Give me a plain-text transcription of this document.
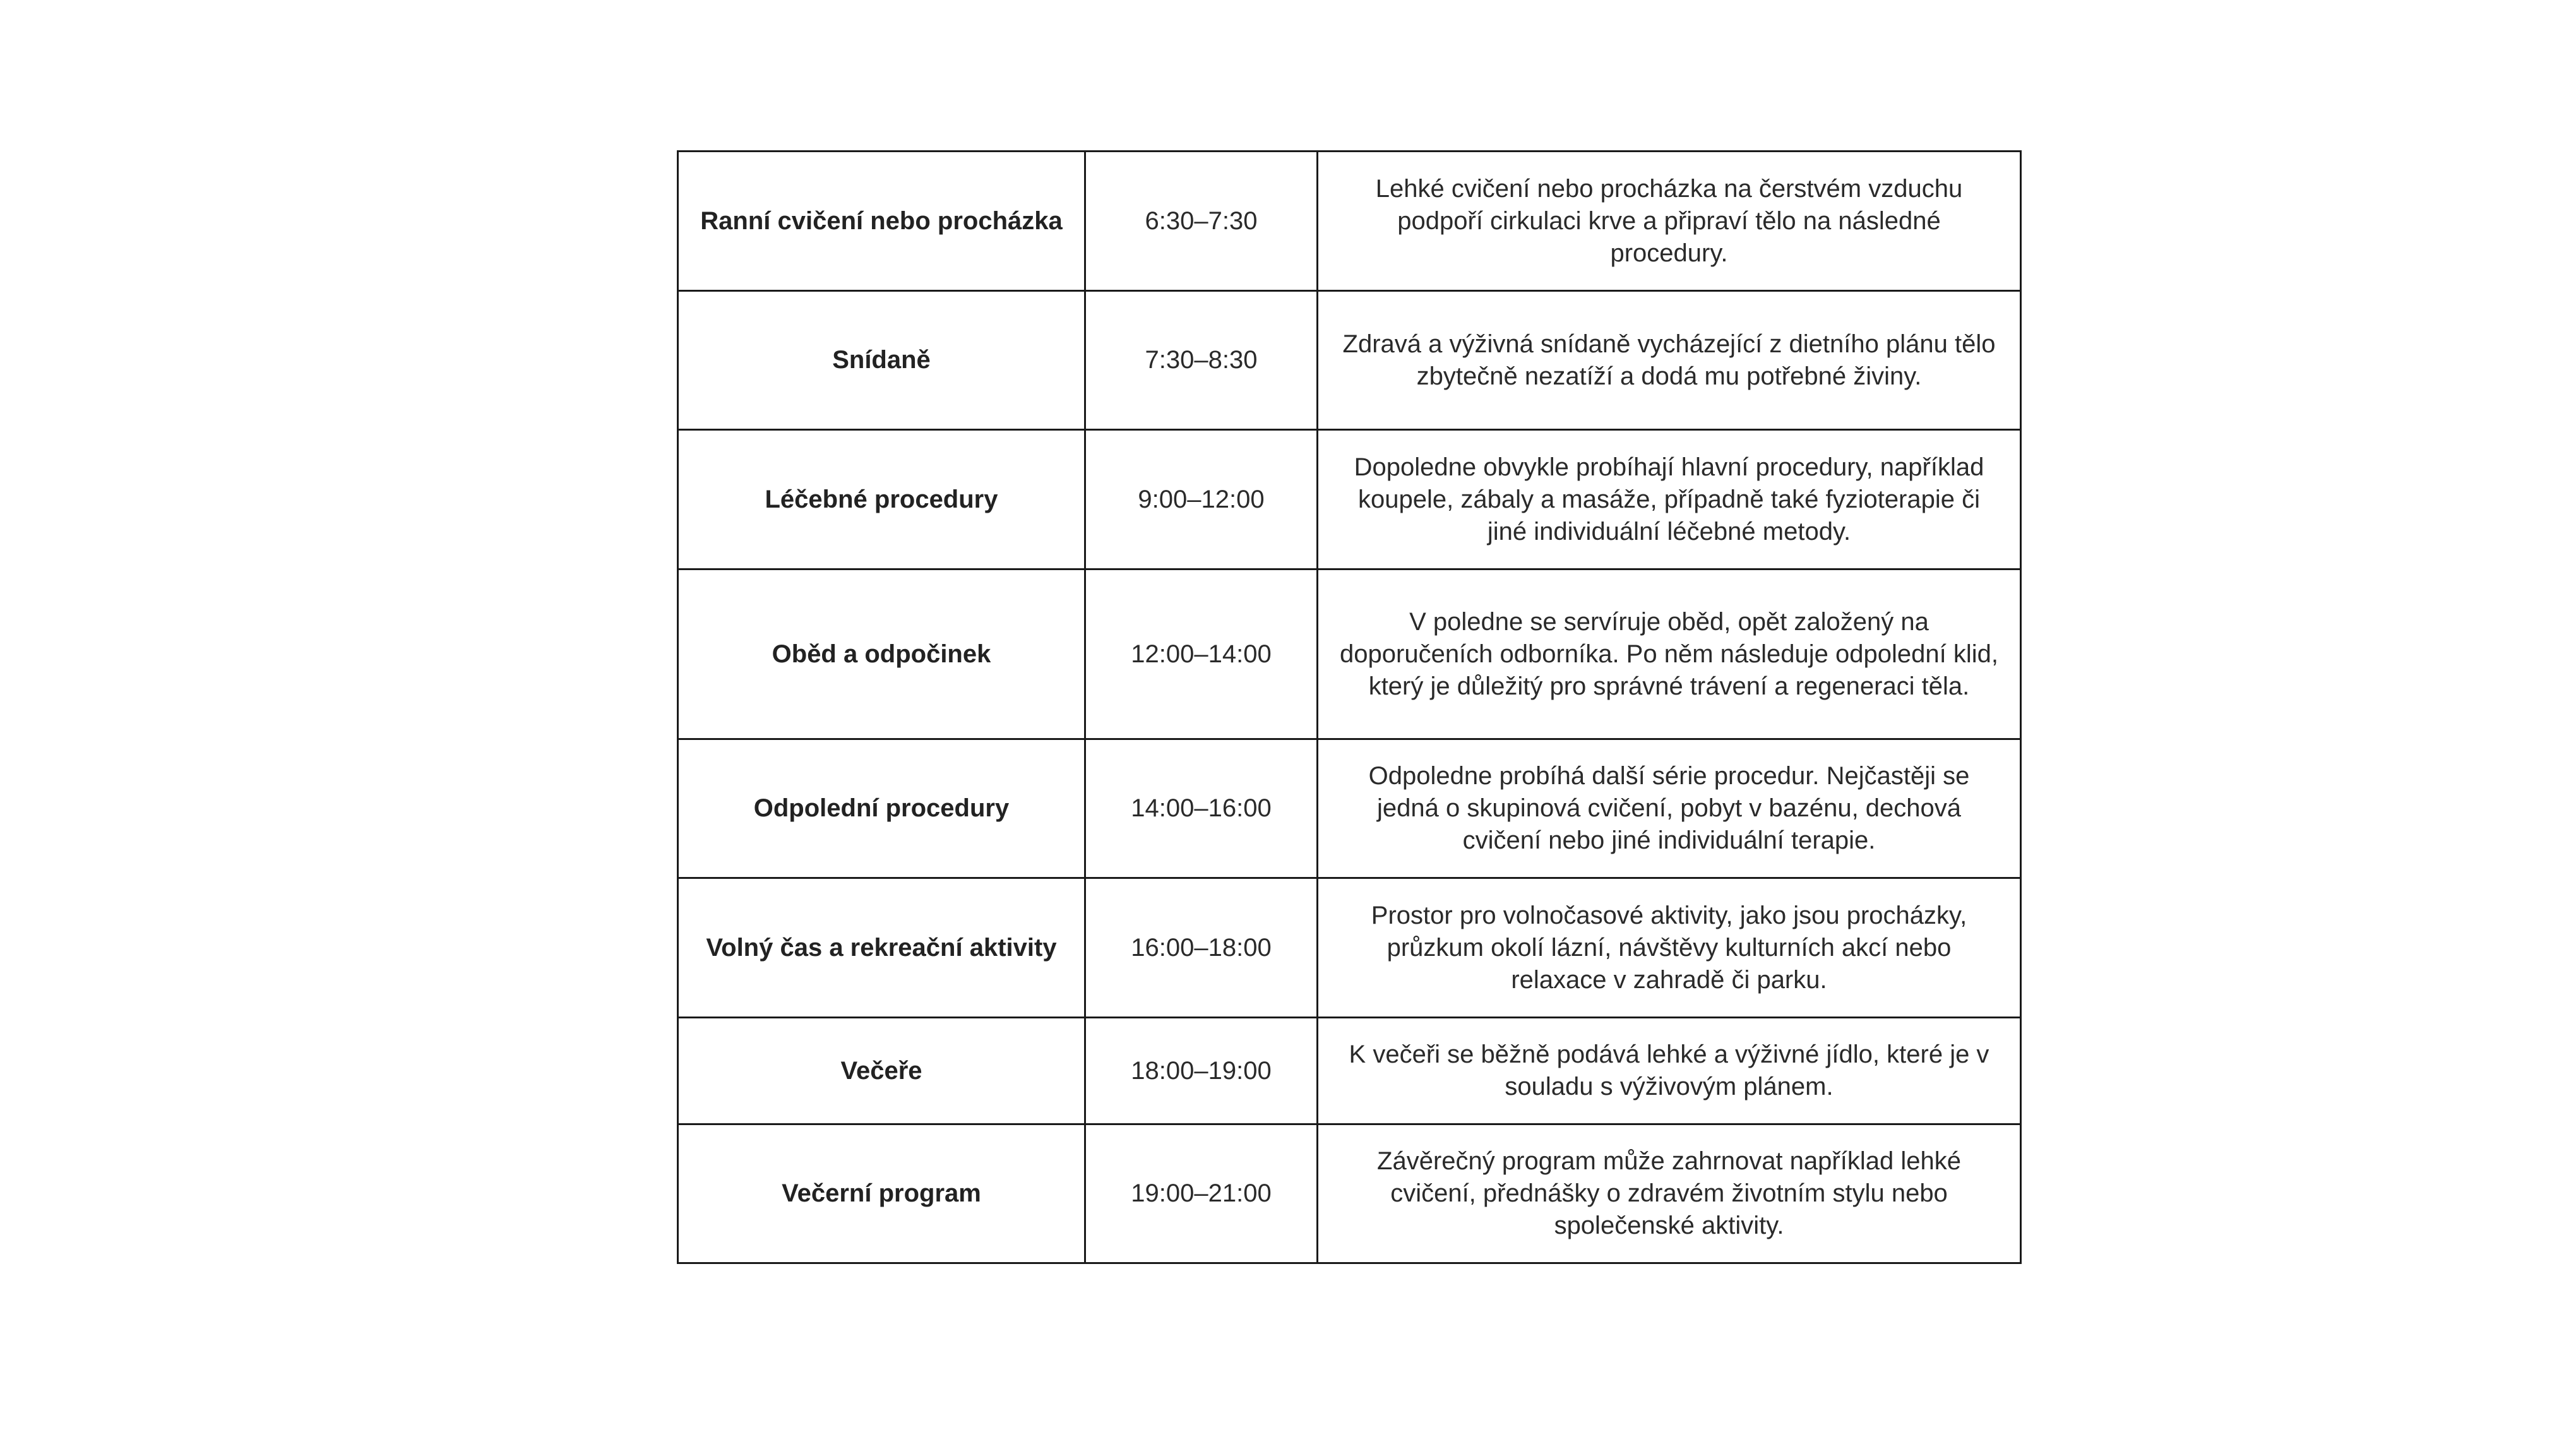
Ranní cvičení nebo procházka	6:30–7:30	Lehké cvičení nebo procházka na čerstvém vzduchu podpoří cirkulaci krve a připraví tělo na následné procedury.
Snídaně	7:30–8:30	Zdravá a výživná snídaně vycházející z dietního plánu tělo zbytečně nezatíží a dodá mu potřebné živiny.
Léčebné procedury	9:00–12:00	Dopoledne obvykle probíhají hlavní procedury, například koupele, zábaly a masáže, případně také fyzioterapie či jiné individuální léčebné metody.
Oběd a odpočinek	12:00–14:00	V poledne se servíruje oběd, opět založený na doporučeních odborníka. Po něm následuje odpolední klid, který je důležitý pro správné trávení a regeneraci těla.
Odpolední procedury	14:00–16:00	Odpoledne probíhá další série procedur. Nejčastěji se jedná o skupinová cvičení, pobyt v bazénu, dechová cvičení nebo jiné individuální terapie.
Volný čas a rekreační aktivity	16:00–18:00	Prostor pro volnočasové aktivity, jako jsou procházky, průzkum okolí lázní, návštěvy kulturních akcí nebo relaxace v zahradě či parku.
Večeře	18:00–19:00	K večeři se běžně podává lehké a výživné jídlo, které je v souladu s výživovým plánem.
Večerní program	19:00–21:00	Závěrečný program může zahrnovat například lehké cvičení, přednášky o zdravém životním stylu nebo společenské aktivity.
